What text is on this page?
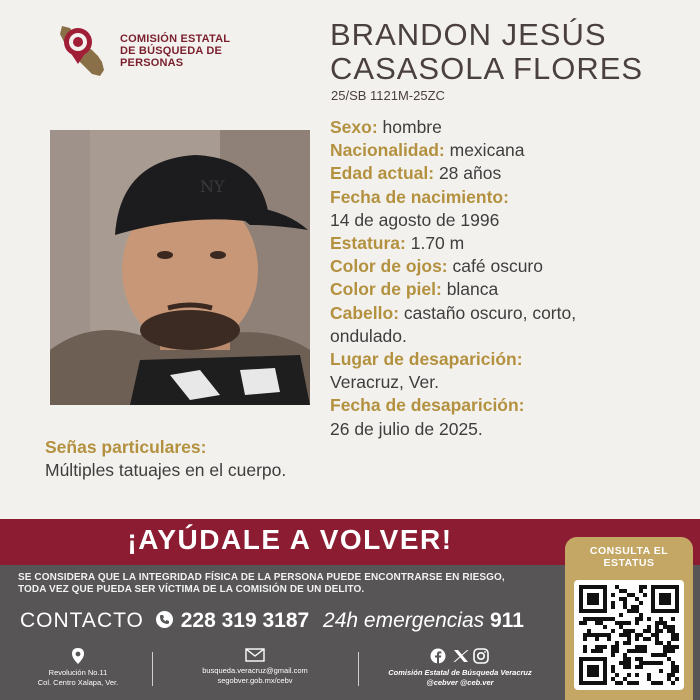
COMISIÓN ESTATAL
DE BÚSQUEDA DE
PERSONAS
BRANDON JESÚS
CASASOLA FLORES
25/SB 1121M-25ZC
NY
Sexo: hombre
Nacionalidad: mexicana
Edad actual: 28 años
Fecha de nacimiento:
14 de agosto de 1996
Estatura: 1.70 m
Color de ojos: café oscuro
Color de piel: blanca
Cabello: castaño oscuro, corto,
ondulado.
Lugar de desaparición:
Veracruz, Ver.
Fecha de desaparición:
26 de julio de 2025.
Señas particulares:
Múltiples tatuajes en el cuerpo.
¡AYÚDALE A VOLVER!
SE CONSIDERA QUE LA INTEGRIDAD FÍSICA DE LA PERSONA PUEDE ENCONTRARSE EN RIESGO,
TODA VEZ QUE PUEDA SER VÍCTIMA DE LA COMISIÓN DE UN DELITO.
CONTACTO 228 319 3187 24h emergencias 911
Revolución No.11
Col. Centro Xalapa, Ver.
busqueda.veracruz@gmail.com
segobver.gob.mx/cebv
Comisión Estatal de Búsqueda Veracruz
@cebver @ceb.ver
CONSULTA EL
ESTATUS
